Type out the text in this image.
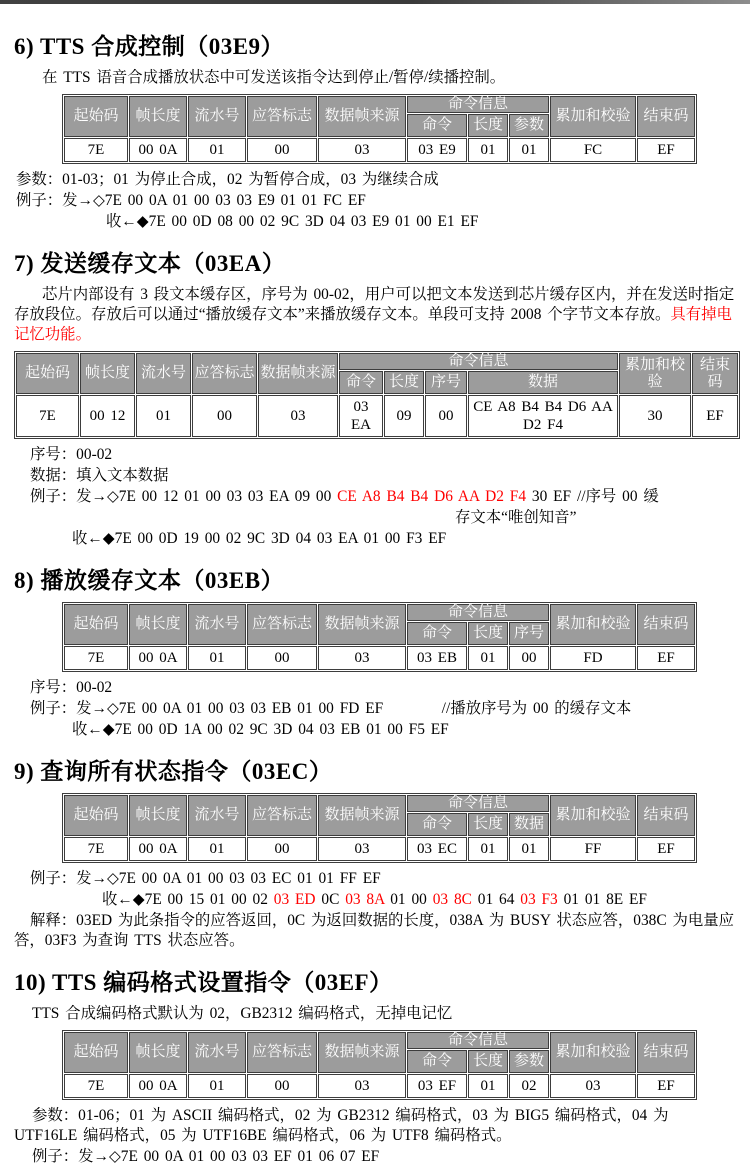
6) TTS 合成控制（03E9）
在 TTS 语音合成播放状态中可发送该指令达到停止/暂停/续播控制。
起始码	帧长度	流水号	应答标志	数据帧来源	命令信息			累加和校验	结束码
					命令	长度	参数		
7E	00 0A	01	00	03	03 E9	01	01	FC	EF
参数：01-03；01 为停止合成，02 为暂停合成，03 为继续合成
例子：发→◇7E 00 0A 01 00 03 03 E9 01 01 FC EF
收←◆7E 00 0D 08 00 02 9C 3D 04 03 E9 01 00 E1 EF
7) 发送缓存文本（03EA）
芯片内部设有 3 段文本缓存区，序号为 00-02，用户可以把文本发送到芯片缓存区内，并在发送时指定存放段位。存放后可以通过“播放缓存文本”来播放缓存文本。单段可支持 2008 个字节文本存放。具有掉电记忆功能。
起始码	帧长度	流水号	应答标志	数据帧来源	命令信息				累加和校验	结束码
					命令	长度	序号	数据		
7E	00 12	01	00	03	03 EA	09	00	CE A8 B4 B4 D6 AA D2 F4	30	EF
序号：00-02
数据：填入文本数据
例子：发→◇7E 00 12 01 00 03 03 EA 09 00 CE A8 B4 B4 D6 AA D2 F4 30 EF //序号 00 缓
存文本“唯创知音”
收←◆7E 00 0D 19 00 02 9C 3D 04 03 EA 01 00 F3 EF
8) 播放缓存文本（03EB）
起始码	帧长度	流水号	应答标志	数据帧来源	命令信息			累加和校验	结束码
					命令	长度	序号		
7E	00 0A	01	00	03	03 EB	01	00	FD	EF
序号：00-02
例子：发→◇7E 00 0A 01 00 03 03 EB 01 00 FD EF          //播放序号为 00 的缓存文本
收←◆7E 00 0D 1A 00 02 9C 3D 04 03 EB 01 00 F5 EF
9) 查询所有状态指令（03EC）
起始码	帧长度	流水号	应答标志	数据帧来源	命令信息			累加和校验	结束码
					命令	长度	数据		
7E	00 0A	01	00	03	03 EC	01	01	FF	EF
例子：发→◇7E 00 0A 01 00 03 03 EC 01 01 FF EF
收←◆7E 00 15 01 00 02 03 ED 0C 03 8A 01 00 03 8C 01 64 03 F3 01 01 8E EF
解释：03ED 为此条指令的应答返回，0C 为返回数据的长度，038A 为 BUSY 状态应答，038C 为电量应答，03F3 为查询 TTS 状态应答。
10) TTS 编码格式设置指令（03EF）
TTS 合成编码格式默认为 02，GB2312 编码格式，无掉电记忆
起始码	帧长度	流水号	应答标志	数据帧来源	命令信息			累加和校验	结束码
					命令	长度	参数		
7E	00 0A	01	00	03	03 EF	01	02	03	EF
参数：01-06；01 为 ASCII 编码格式，02 为 GB2312 编码格式，03 为 BIG5 编码格式，04 为 UTF16LE 编码格式，05 为 UTF16BE 编码格式，06 为 UTF8 编码格式。
例子：发→◇7E 00 0A 01 00 03 03 EF 01 06 07 EF
